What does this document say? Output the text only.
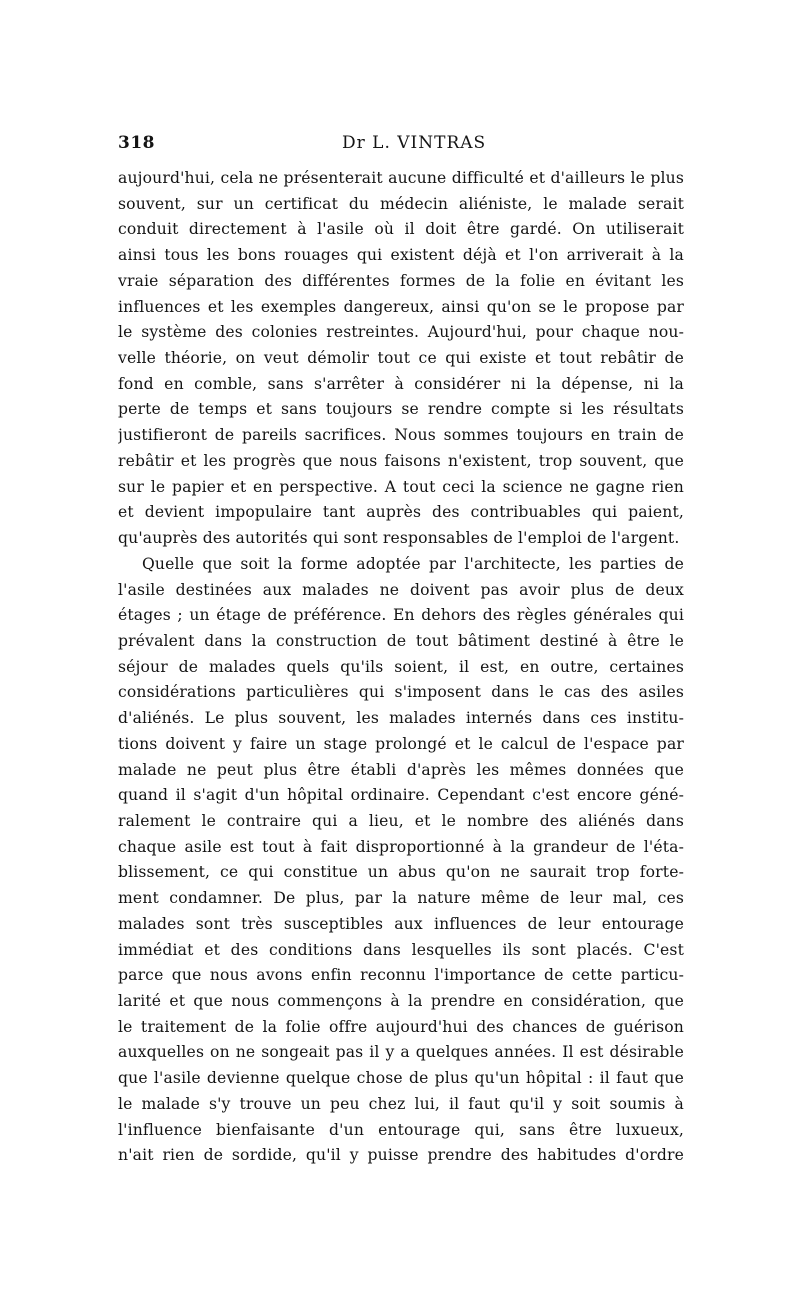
318	Dr L. VINTRAS
aujourd'hui, cela ne présenterait aucune difficulté et d'ailleurs le plus
souvent, sur un certificat du médecin aliéniste, le malade serait
conduit directement à l'asile où il doit être gardé. On utiliserait
ainsi tous les bons rouages qui existent déjà et l'on arriverait à la
vraie séparation des différentes formes de la folie en évitant les
influences et les exemples dangereux, ainsi qu'on se le propose par
le système des colonies restreintes. Aujourd'hui, pour chaque nou-
velle théorie, on veut démolir tout ce qui existe et tout rebâtir de
fond en comble, sans s'arrêter à considérer ni la dépense, ni la
perte de temps et sans toujours se rendre compte si les résultats
justifieront de pareils sacrifices. Nous sommes toujours en train de
rebâtir et les progrès que nous faisons n'existent, trop souvent, que
sur le papier et en perspective. A tout ceci la science ne gagne rien
et devient impopulaire tant auprès des contribuables qui paient,
qu'auprès des autorités qui sont responsables de l'emploi de l'argent.
Quelle que soit la forme adoptée par l'architecte, les parties de
l'asile destinées aux malades ne doivent pas avoir plus de deux
étages ; un étage de préférence. En dehors des règles générales qui
prévalent dans la construction de tout bâtiment destiné à être le
séjour de malades quels qu'ils soient, il est, en outre, certaines
considérations particulières qui s'imposent dans le cas des asiles
d'aliénés. Le plus souvent, les malades internés dans ces institu-
tions doivent y faire un stage prolongé et le calcul de l'espace par
malade ne peut plus être établi d'après les mêmes données que
quand il s'agit d'un hôpital ordinaire. Cependant c'est encore géné-
ralement le contraire qui a lieu, et le nombre des aliénés dans
chaque asile est tout à fait disproportionné à la grandeur de l'éta-
blissement, ce qui constitue un abus qu'on ne saurait trop forte-
ment condamner. De plus, par la nature même de leur mal, ces
malades sont très susceptibles aux influences de leur entourage
immédiat et des conditions dans lesquelles ils sont placés. C'est
parce que nous avons enfin reconnu l'importance de cette particu-
larité et que nous commençons à la prendre en considération, que
le traitement de la folie offre aujourd'hui des chances de guérison
auxquelles on ne songeait pas il y a quelques années. Il est désirable
que l'asile devienne quelque chose de plus qu'un hôpital : il faut que
le malade s'y trouve un peu chez lui, il faut qu'il y soit soumis à
l'influence bienfaisante d'un entourage qui, sans être luxueux,
n'ait rien de sordide, qu'il y puisse prendre des habitudes d'ordre
